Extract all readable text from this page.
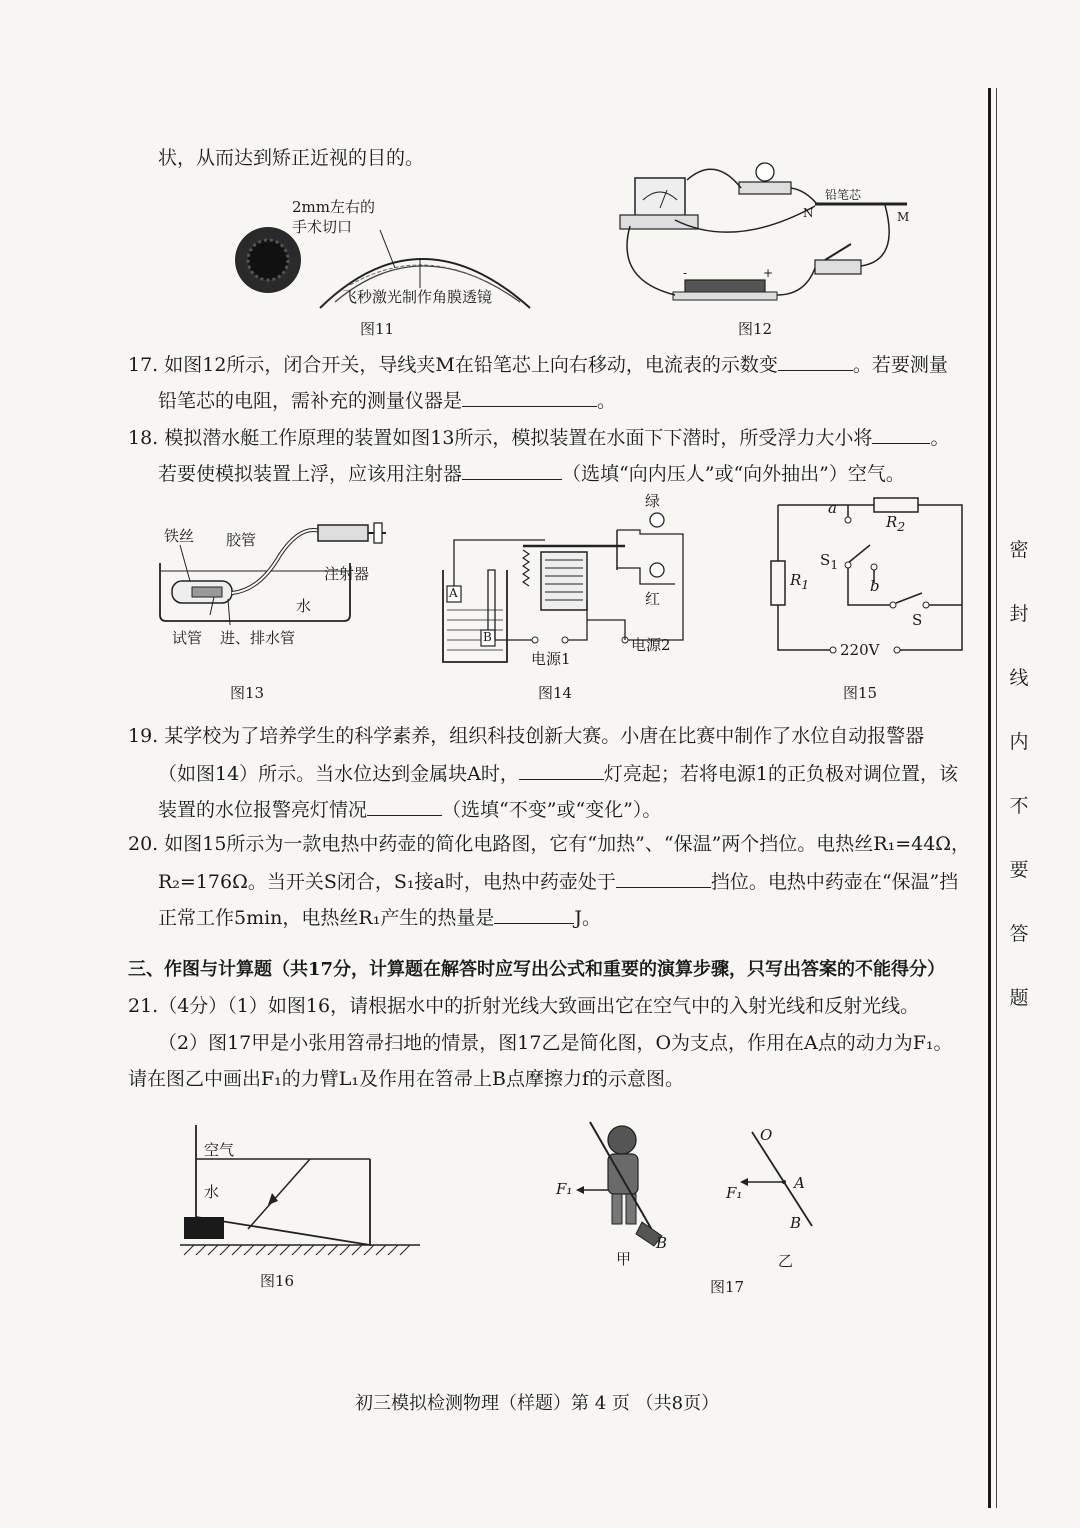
状，从而达到矫正近视的目的。
2mm左右的
手术切口
飞秒激光制作角膜透镜
图11
铅笔芯
N	M
-	+
图12
17. 如图12所示，闭合开关，导线夹M在铅笔芯上向右移动，电流表的示数变	。若要测量
铅笔芯的电阻，需补充的测量仪器是	。
18. 模拟潜水艇工作原理的装置如图13所示，模拟装置在水面下下潜时，所受浮力大小将	。
若要使模拟装置上浮，应该用注射器	（选填“向内压人”或“向外抽出”）空气。
铁丝 胶管
注射器
水
试管 进、排水管
图13
A
B
绿
红
电源1
电源2
图14
a
$R_2$
$S_1$
b
$R_1$
S
220V
图15
19. 某学校为了培养学生的科学素养，组织科技创新大赛。小唐在比赛中制作了水位自动报警器
（如图14）所示。当水位达到金属块A时，	灯亮起；若将电源1的正负极对调位置，该
装置的水位报警亮灯情况	（选填“不变”或“变化”）。
20. 如图15所示为一款电热中药壶的简化电路图，它有“加热”、“保温”两个挡位。电热丝R₁=44Ω，
R₂=176Ω。当开关S闭合，S₁接a时，电热中药壶处于	挡位。电热中药壶在“保温”挡
正常工作5min，电热丝R₁产生的热量是	J。
三、作图与计算题（共17分，计算题在解答时应写出公式和重要的演算步骤，只写出答案的不能得分）
21.（4分）（1）如图16，请根据水中的折射光线大致画出它在空气中的入射光线和反射光线。
（2）图17甲是小张用笤帚扫地的情景，图17乙是简化图，O为支点，作用在A点的动力为F₁。
请在图乙中画出F₁的力臂L₁及作用在笤帚上B点摩擦力f的示意图。
空气
水
图16
F₁
B
甲
O
A
B
F₁
乙
图17
初三模拟检测物理（样题）第 4 页 （共8页）
密
封
线
内
不
要
答
题
